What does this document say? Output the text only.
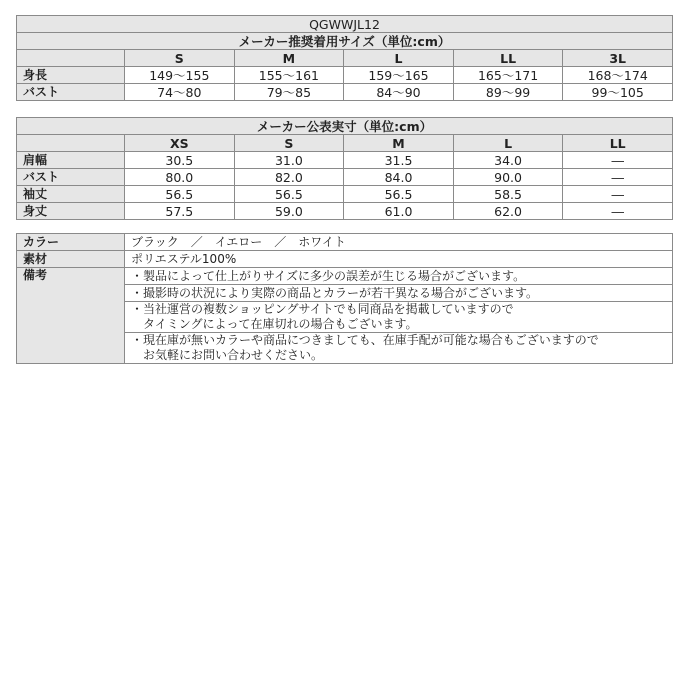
QGWWJL12					
メーカー推奨着用サイズ（単位:cm）					
	S	M	L	LL	3L
身長	149〜155	155〜161	159〜165	165〜171	168〜174
バスト	74〜80	79〜85	84〜90	89〜99	99〜105
メーカー公表実寸（単位:cm）					
	XS	S	M	L	LL
肩幅	30.5	31.0	31.5	34.0	―
バスト	80.0	82.0	84.0	90.0	―
袖丈	56.5	56.5	56.5	58.5	―
身丈	57.5	59.0	61.0	62.0	―
カラー	ブラック　／　イエロー　／　ホワイト
素材	ポリエステル100%
備考	・製品によって仕上がりサイズに多少の誤差が生じる場合がございます。

	・撮影時の状況により実際の商品とカラーが若干異なる場合がございます。

	・当社運営の複数ショッピングサイトでも同商品を掲載していますので
　タイミングによって在庫切れの場合もございます。

	・現在庫が無いカラーや商品につきましても、在庫手配が可能な場合もございますので
　お気軽にお問い合わせください。
